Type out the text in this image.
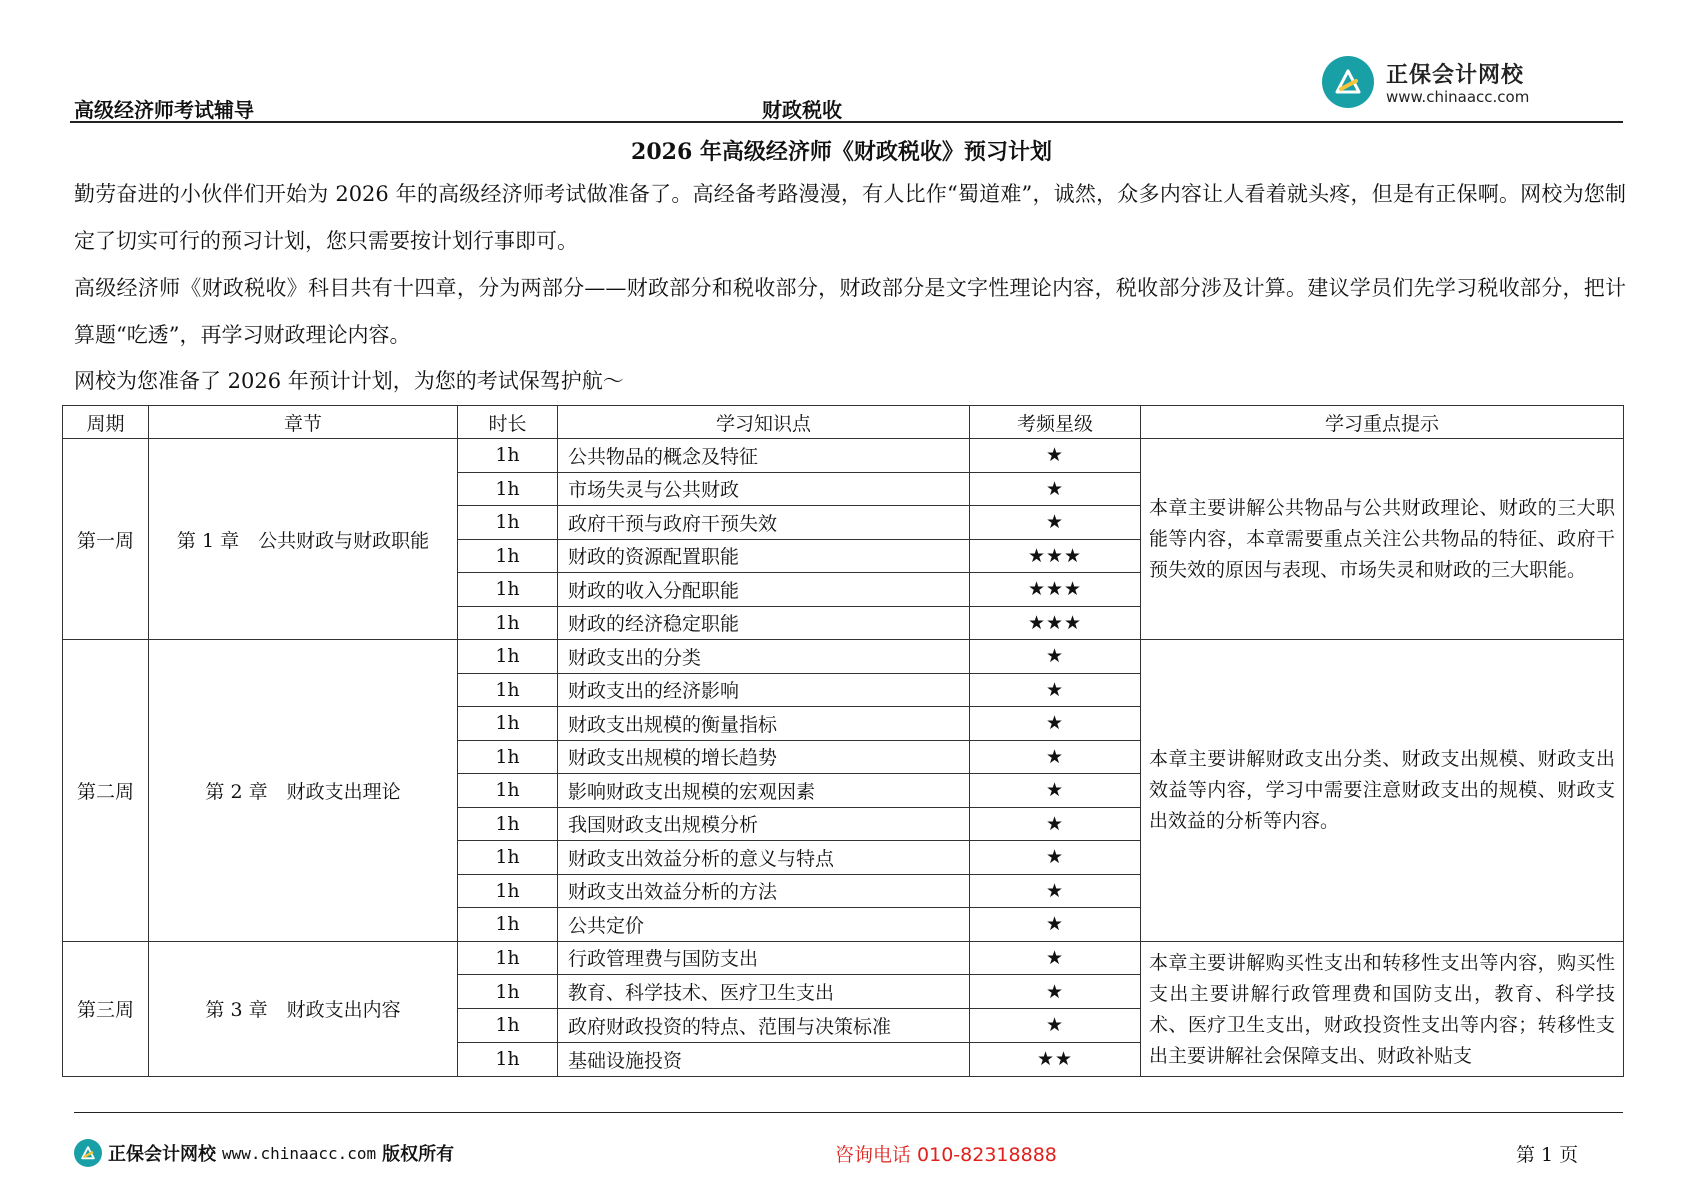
高级经济师考试辅导	财政税收
正保会计网校
www.chinaacc.com
2026 年高级经济师《财政税收》预习计划
勤劳奋进的小伙伴们开始为 2026 年的高级经济师考试做准备了。高经备考路漫漫，有人比作“蜀道难”，诚然，众多内容让人看着就头疼，但是有正保啊。网校为您制定了切实可行的预习计划，您只需要按计划行事即可。
高级经济师《财政税收》科目共有十四章，分为两部分——财政部分和税收部分，财政部分是文字性理论内容，税收部分涉及计算。建议学员们先学习税收部分，把计算题“吃透”，再学习财政理论内容。
网校为您准备了 2026 年预计计划，为您的考试保驾护航～
周期	章节	时长	学习知识点	考频星级	学习重点提示
第一周	第 1 章　公共财政与财政职能	1h	公共物品的概念及特征	★	本章主要讲解公共物品与公共财政理论、财政的三大职能等内容，本章需要重点关注公共物品的特征、政府干预失效的原因与表现、市场失灵和财政的三大职能。
		1h	市场失灵与公共财政	★	
		1h	政府干预与政府干预失效	★	
		1h	财政的资源配置职能	★★★	
		1h	财政的收入分配职能	★★★	
		1h	财政的经济稳定职能	★★★	
第二周	第 2 章　财政支出理论	1h	财政支出的分类	★	本章主要讲解财政支出分类、财政支出规模、财政支出效益等内容，学习中需要注意财政支出的规模、财政支出效益的分析等内容。
		1h	财政支出的经济影响	★	
		1h	财政支出规模的衡量指标	★	
		1h	财政支出规模的增长趋势	★	
		1h	影响财政支出规模的宏观因素	★	
		1h	我国财政支出规模分析	★	
		1h	财政支出效益分析的意义与特点	★	
		1h	财政支出效益分析的方法	★	
		1h	公共定价	★	
第三周	第 3 章　财政支出内容	1h	行政管理费与国防支出	★	本章主要讲解购买性支出和转移性支出等内容，购买性支出主要讲解行政管理费和国防支出，教育、科学技术、医疗卫生支出，财政投资性支出等内容；转移性支出主要讲解社会保障支出、财政补贴支

		1h	教育、科学技术、医疗卫生支出	★	
		1h	政府财政投资的特点、范围与决策标准	★	
		1h	基础设施投资	★★	
正保会计网校 www.chinaacc.com 版权所有	咨询电话 010-82318888	第 1 页
